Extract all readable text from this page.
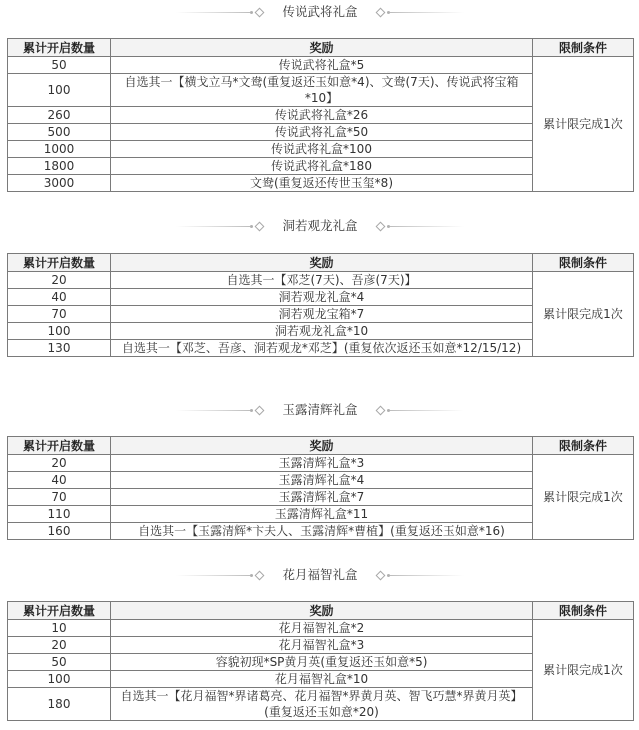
传说武将礼盒
累计开启数量	奖励	限制条件
50	传说武将礼盒*5	累计限完成1次
100	自选其一【横戈立马*文鸯(重复返还玉如意*4)、文鸯(7天)、传说武将宝箱*10】	
260	传说武将礼盒*26	
500	传说武将礼盒*50	
1000	传说武将礼盒*100	
1800	传说武将礼盒*180	
3000	文鸯(重复返还传世玉玺*8)	
洞若观龙礼盒
累计开启数量	奖励	限制条件
20	自选其一【邓芝(7天)、吾彦(7天)】	累计限完成1次
40	洞若观龙礼盒*4	
70	洞若观龙宝箱*7	
100	洞若观龙礼盒*10	
130	自选其一【邓芝、吾彦、洞若观龙*邓芝】(重复依次返还玉如意*12/15/12)	
玉露清辉礼盒
累计开启数量	奖励	限制条件
20	玉露清辉礼盒*3	累计限完成1次
40	玉露清辉礼盒*4	
70	玉露清辉礼盒*7	
110	玉露清辉礼盒*11	
160	自选其一【玉露清辉*卞夫人、玉露清辉*曹植】(重复返还玉如意*16)	
花月福智礼盒
累计开启数量	奖励	限制条件
10	花月福智礼盒*2	累计限完成1次
20	花月福智礼盒*3	
50	容貌初现*SP黄月英(重复返还玉如意*5)	
100	花月福智礼盒*10	
180	自选其一【花月福智*界诸葛亮、花月福智*界黄月英、智飞巧慧*界黄月英】(重复返还玉如意*20)	
